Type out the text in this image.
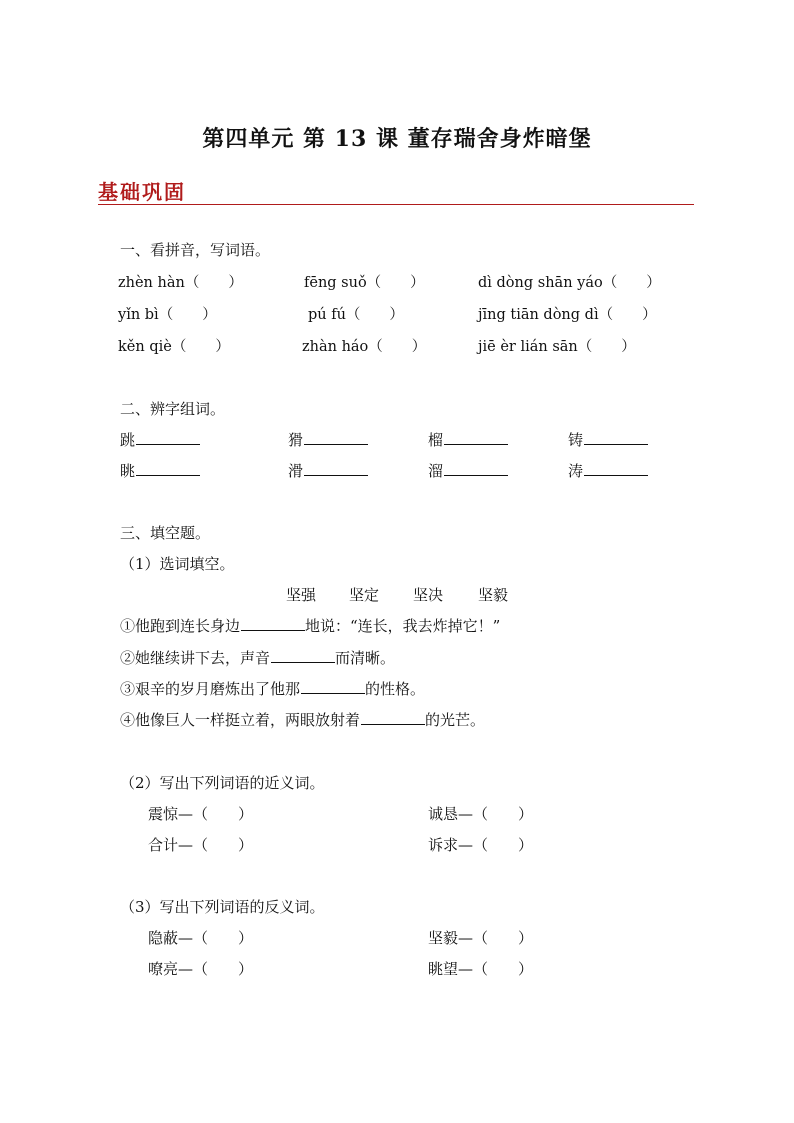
第四单元 第 13 课 董存瑞舍身炸暗堡
基础巩固
一、看拼音，写词语。
zhèn hàn（　　）	fēng suǒ（　　）	dì dòng shān yáo（　　）
yǐn bì（　　）	pú fú（　　）	jīng tiān dòng dì（　　）
kěn qiè（　　）	zhàn háo（　　）	jiē èr lián sān（　　）
二、辨字组词。
跳	猾	榴	铸
眺	滑	溜	涛
三、填空题。
（1）选词填空。
坚强 坚定 坚决 坚毅
①他跑到连长身边	地说：“连长，我去炸掉它！”
②她继续讲下去，声音	而清晰。
③艰辛的岁月磨炼出了他那	的性格。
④他像巨人一样挺立着，两眼放射着	的光芒。
（2）写出下列词语的近义词。
震惊—（　　）	诚恳—（　　）
合计—（　　）	诉求—（　　）
（3）写出下列词语的反义词。
隐蔽—（　　）	坚毅—（　　）
嘹亮—（　　）	眺望—（　　）
